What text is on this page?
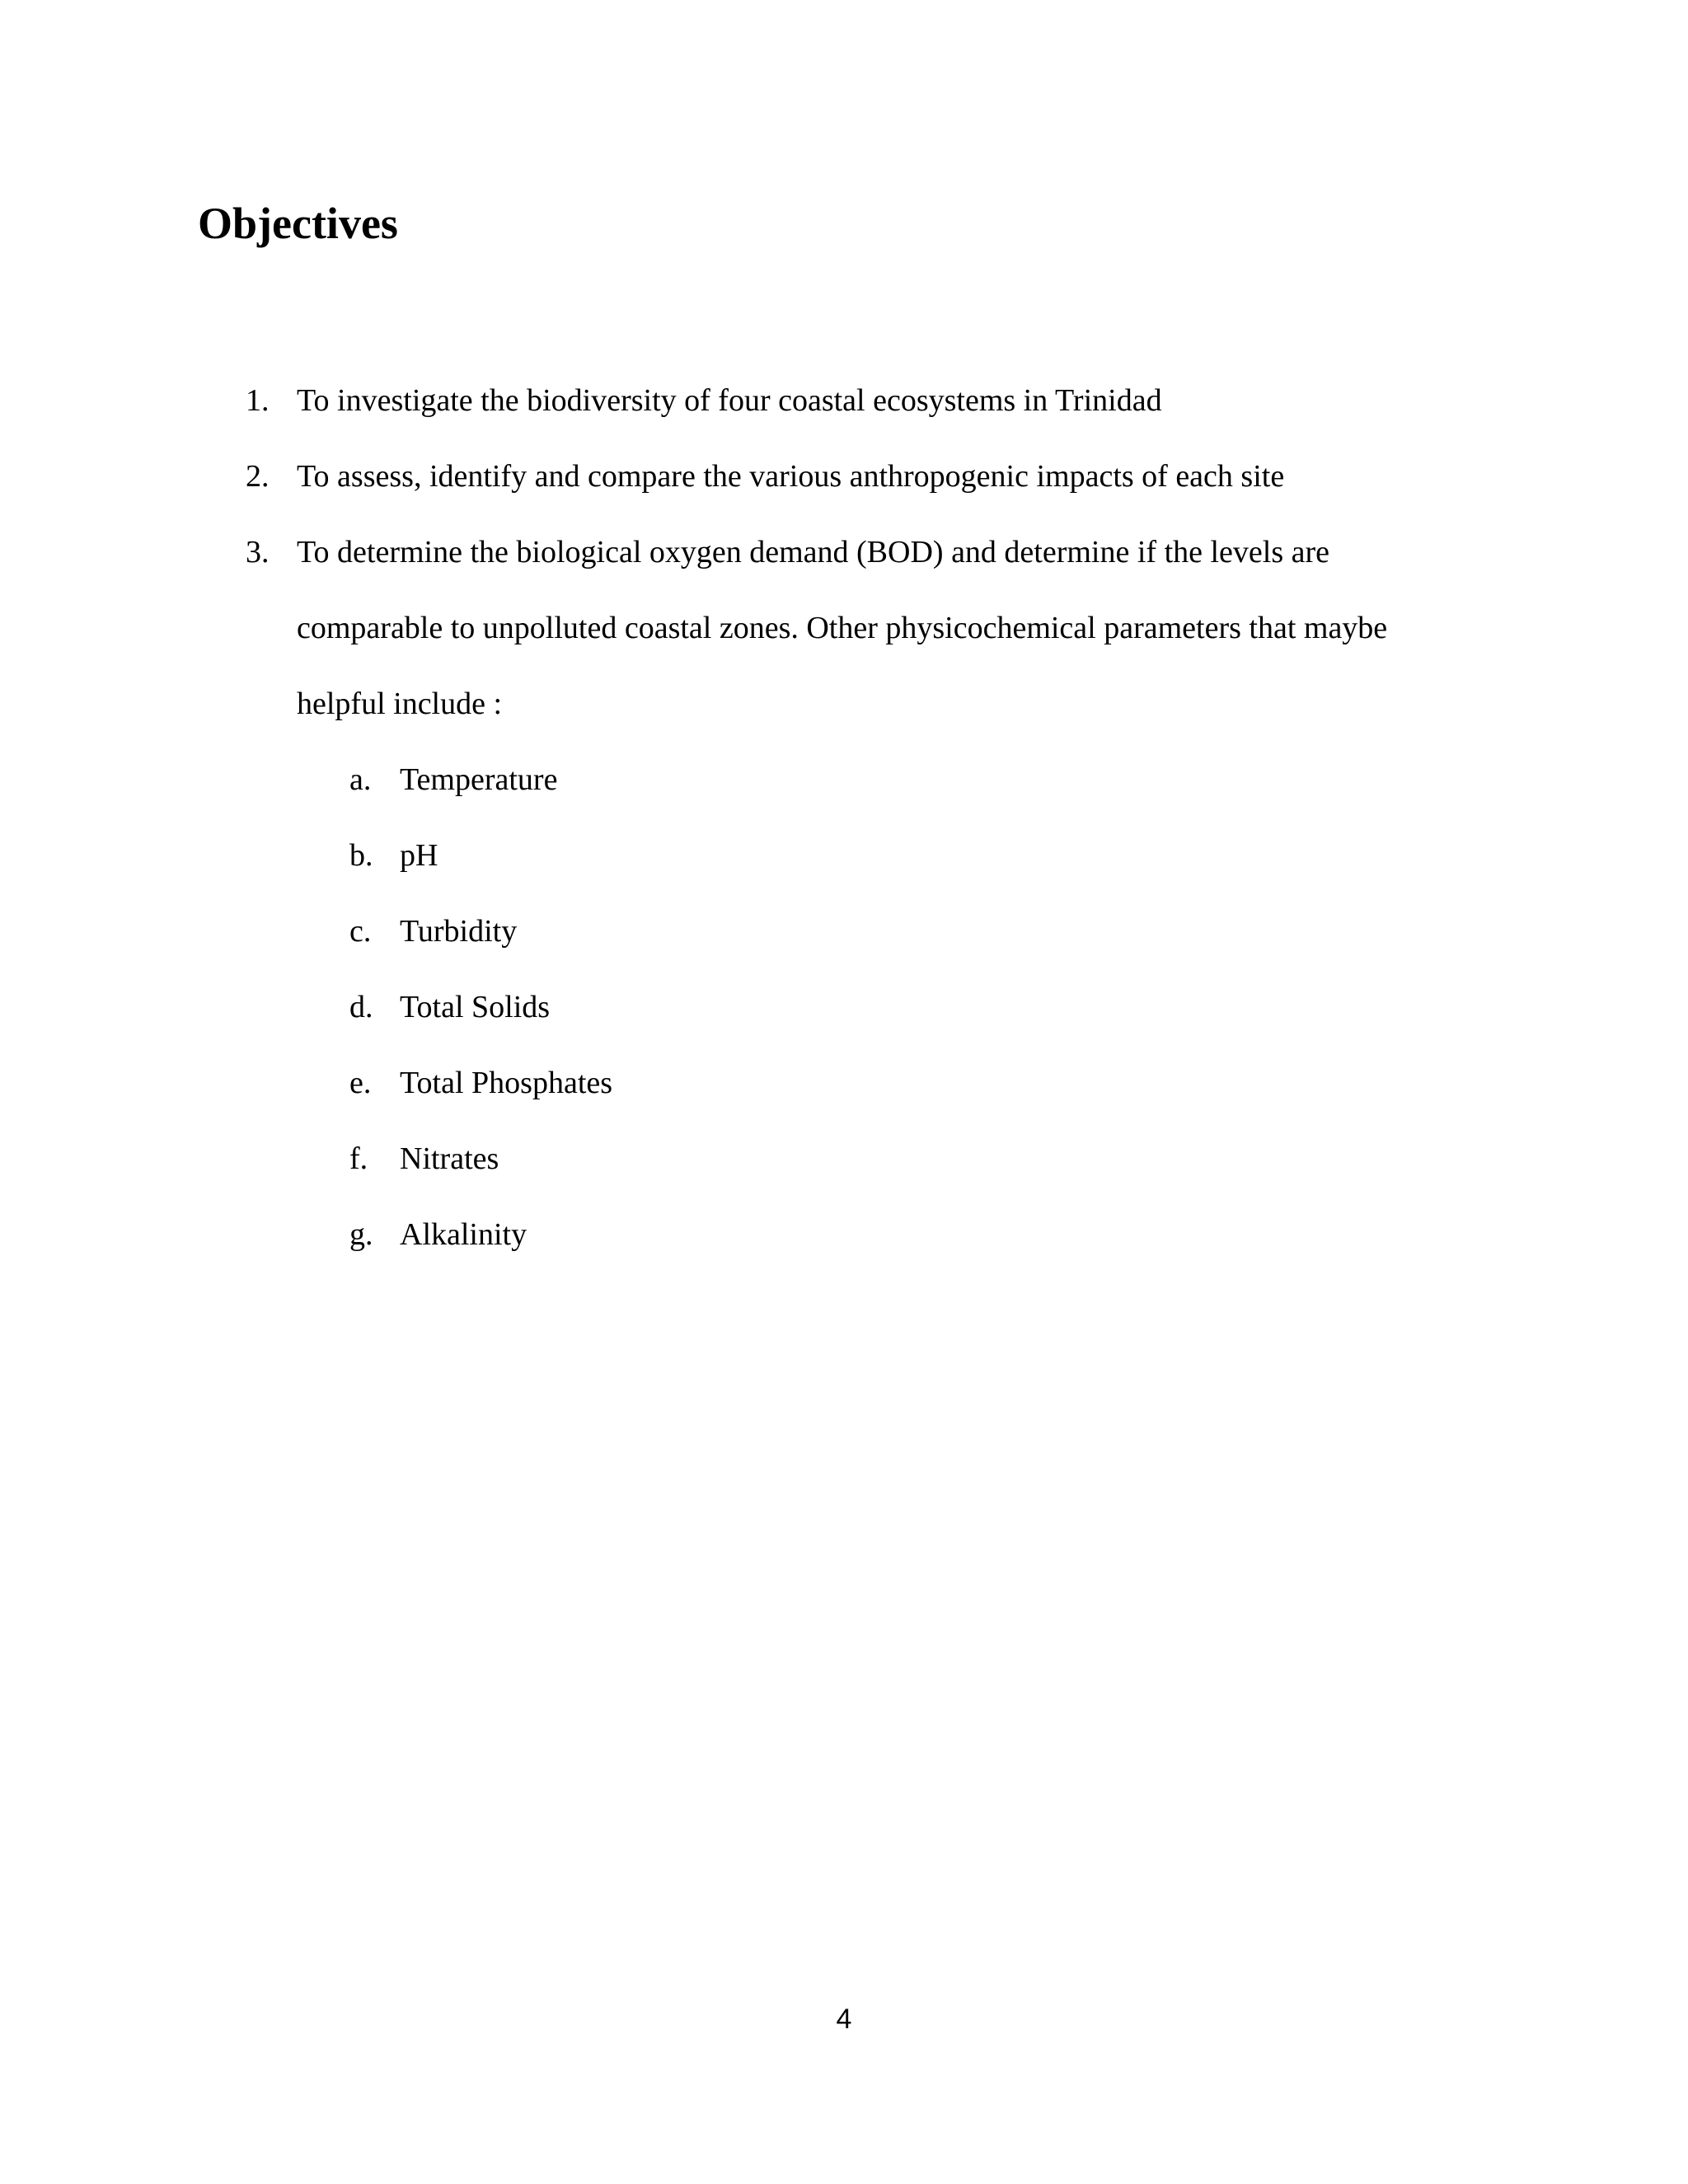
Objectives
1. To investigate the biodiversity of four coastal ecosystems in Trinidad
2. To assess, identify and compare the various anthropogenic impacts of each site
3. To determine the biological oxygen demand (BOD) and determine if the levels are
comparable to unpolluted coastal zones. Other physicochemical parameters that maybe
helpful include :
a. Temperature
b. pH
c. Turbidity
d. Total Solids
e. Total Phosphates
f. Nitrates
g. Alkalinity
4
